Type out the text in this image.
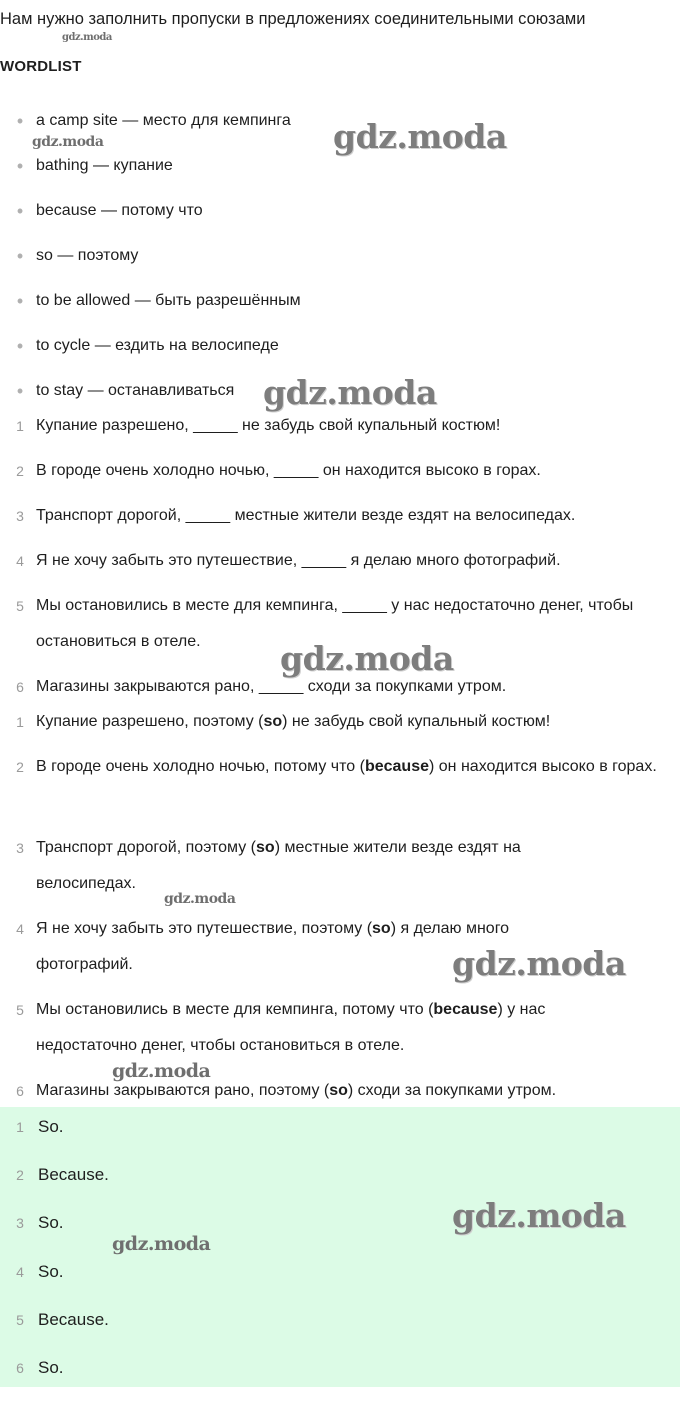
Нам нужно заполнить пропуски в предложениях соединительными союзами
WORDLIST
• a camp site — место для кемпинга
• bathing — купание
• because — потому что
• so — поэтому
• to be allowed — быть разрешённым
• to cycle — ездить на велосипеде
• to stay — останавливаться
1 Купание разрешено, _____ не забудь свой купальный костюм!
2 В городе очень холодно ночью, _____ он находится высоко в горах.
3 Транспорт дорогой, _____ местные жители везде ездят на велосипедах.
4 Я не хочу забыть это путешествие, _____ я делаю много фотографий.
5 Мы остановились в месте для кемпинга, _____ у нас недостаточно денег, чтобы остановиться в отеле.
6 Магазины закрываются рано, _____ сходи за покупками утром.
1 Купание разрешено, поэтому (so) не забудь свой купальный костюм!
2 В городе очень холодно ночью, потому что (because) он находится высоко в горах.
3 Транспорт дорогой, поэтому (so) местные жители везде ездят на велосипедах.
4 Я не хочу забыть это путешествие, поэтому (so) я делаю много фотографий.
5 Мы остановились в месте для кемпинга, потому что (because) у нас недостаточно денег, чтобы остановиться в отеле.
6 Магазины закрываются рано, поэтому (so) сходи за покупками утром.
1 So.
2 Because.
3 So.
4 So.
5 Because.
6 So.
gdz.moda
gdz.moda	gdz.moda
gdz.moda
gdz.moda
gdz.moda
gdz.moda
gdz.moda
gdz.moda
gdz.moda
